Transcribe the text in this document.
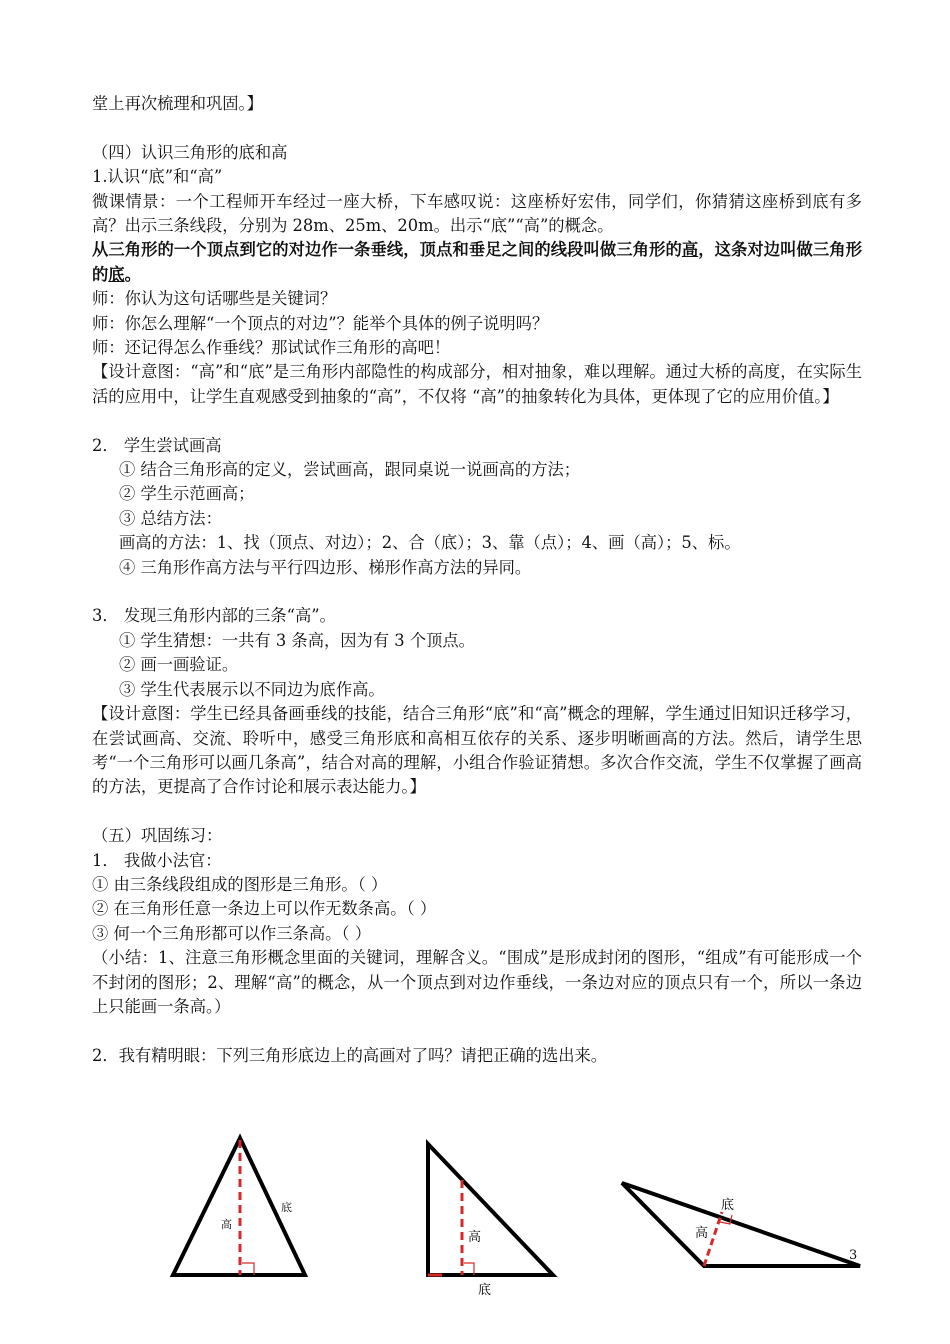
堂上再次梳理和巩固。】
（四）认识三角形的底和高
1.认识“底”和“高”
微课情景：一个工程师开车经过一座大桥，下车感叹说：这座桥好宏伟，同学们，你猜猜这座桥到底有多高？出示三条线段，分别为 28m、25m、20m。出示“底”“高”的概念。
从三角形的一个顶点到它的对边作一条垂线，顶点和垂足之间的线段叫做三角形的高，这条对边叫做三角形的底。
师：你认为这句话哪些是关键词？
师：你怎么理解“一个顶点的对边”？能举个具体的例子说明吗？
师：还记得怎么作垂线？那试试作三角形的高吧！
【设计意图：“高”和“底”是三角形内部隐性的构成部分，相对抽象，难以理解。通过大桥的高度，在实际生活的应用中，让学生直观感受到抽象的“高”，不仅将 “高”的抽象转化为具体，更体现了它的应用价值。】
2． 学生尝试画高
① 结合三角形高的定义，尝试画高，跟同桌说一说画高的方法；
② 学生示范画高；
③ 总结方法：
画高的方法：1、找（顶点、对边）；2、合（底）；3、靠（点）；4、画（高）；5、标。
④ 三角形作高方法与平行四边形、梯形作高方法的异同。
3． 发现三角形内部的三条“高”。
① 学生猜想：一共有 3 条高，因为有 3 个顶点。
② 画一画验证。
③ 学生代表展示以不同边为底作高。
【设计意图：学生已经具备画垂线的技能，结合三角形“底”和“高”概念的理解，学生通过旧知识迁移学习，在尝试画高、交流、聆听中，感受三角形底和高相互依存的关系、逐步明晰画高的方法。然后，请学生思考“一个三角形可以画几条高”，结合对高的理解，小组合作验证猜想。多次合作交流，学生不仅掌握了画高的方法，更提高了合作讨论和展示表达能力。】
（五）巩固练习：
1． 我做小法官：
① 由三条线段组成的图形是三角形。（ ）
② 在三角形任意一条边上可以作无数条高。（ ）
③ 何一个三角形都可以作三条高。（ ）
（小结：1、注意三角形概念里面的关键词，理解含义。“围成”是形成封闭的图形，“组成”有可能形成一个不封闭的图形；2、理解“高”的概念，从一个顶点到对边作垂线，一条边对应的顶点只有一个，所以一条边上只能画一条高。）
2．我有精明眼：下列三角形底边上的高画对了吗？请把正确的选出来。
高
底
高
底
高
底
3
